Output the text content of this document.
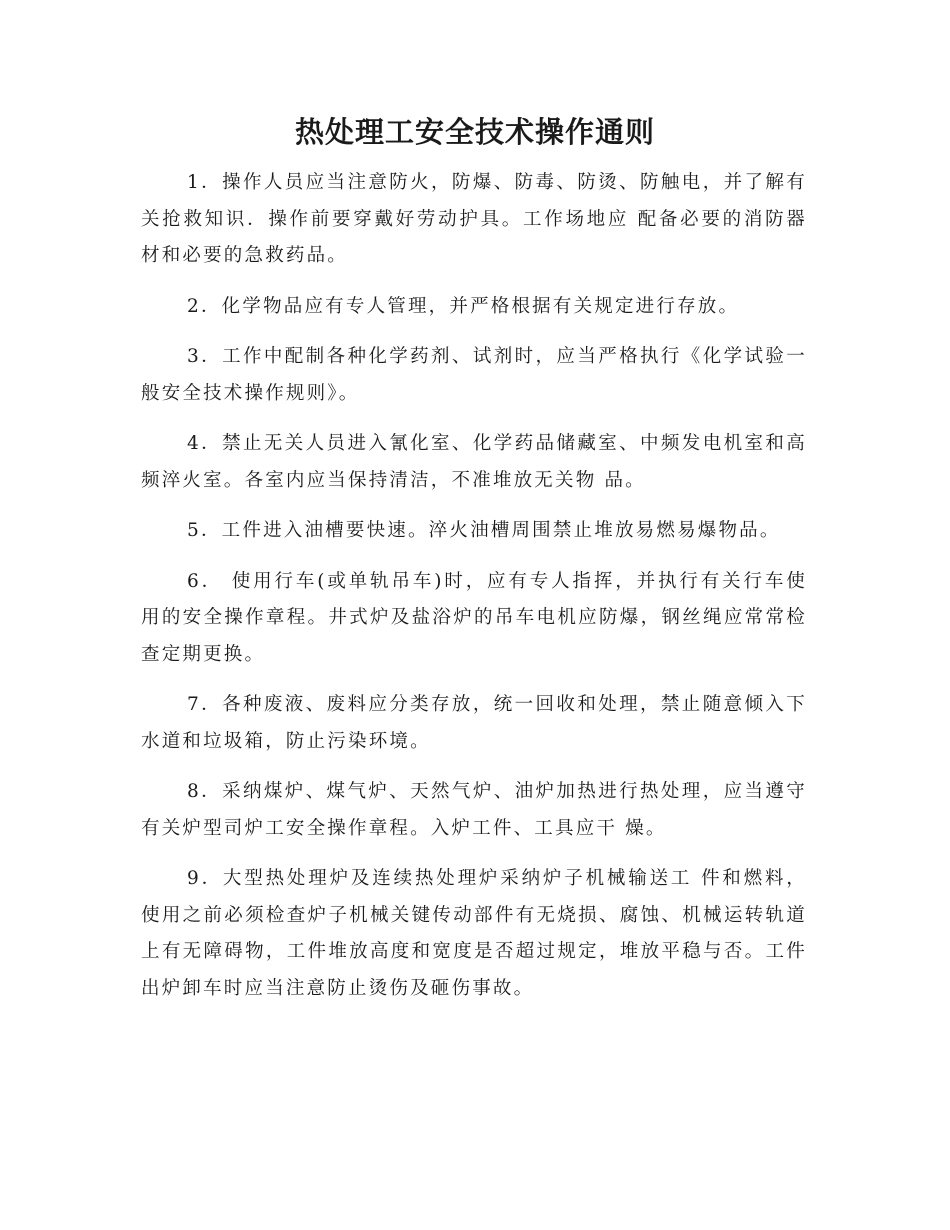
热处理工安全技术操作通则

1．操作人员应当注意防火，防爆、防毒、防烫、防触电，并了解有关抢救知识．操作前要穿戴好劳动护具。工作场地应 配备必要的消防器材和必要的急救药品。

2．化学物品应有专人管理，并严格根据有关规定进行存放。

3．工作中配制各种化学药剂、试剂时，应当严格执行《化学试验一般安全技术操作规则》。

4．禁止无关人员进入氰化室、化学药品储藏室、中频发电机室和高频淬火室。各室内应当保持清洁，不准堆放无关物 品。

5．工件进入油槽要快速。淬火油槽周围禁止堆放易燃易爆物品。

6． 使用行车(或单轨吊车)时，应有专人指挥，并执行有关行车使用的安全操作章程。井式炉及盐浴炉的吊车电机应防爆，钢丝绳应常常检查定期更换。

7．各种废液、废料应分类存放，统一回收和处理，禁止随意倾入下水道和垃圾箱，防止污染环境。

8．采纳煤炉、煤气炉、天然气炉、油炉加热进行热处理，应当遵守有关炉型司炉工安全操作章程。入炉工件、工具应干 燥。

9．大型热处理炉及连续热处理炉采纳炉子机械输送工 件和燃料，使用之前必须检查炉子机械关键传动部件有无烧损、腐蚀、机械运转轨道上有无障碍物，工件堆放高度和宽度是否超过规定，堆放平稳与否。工件出炉卸车时应当注意防止烫伤及砸伤事故。
